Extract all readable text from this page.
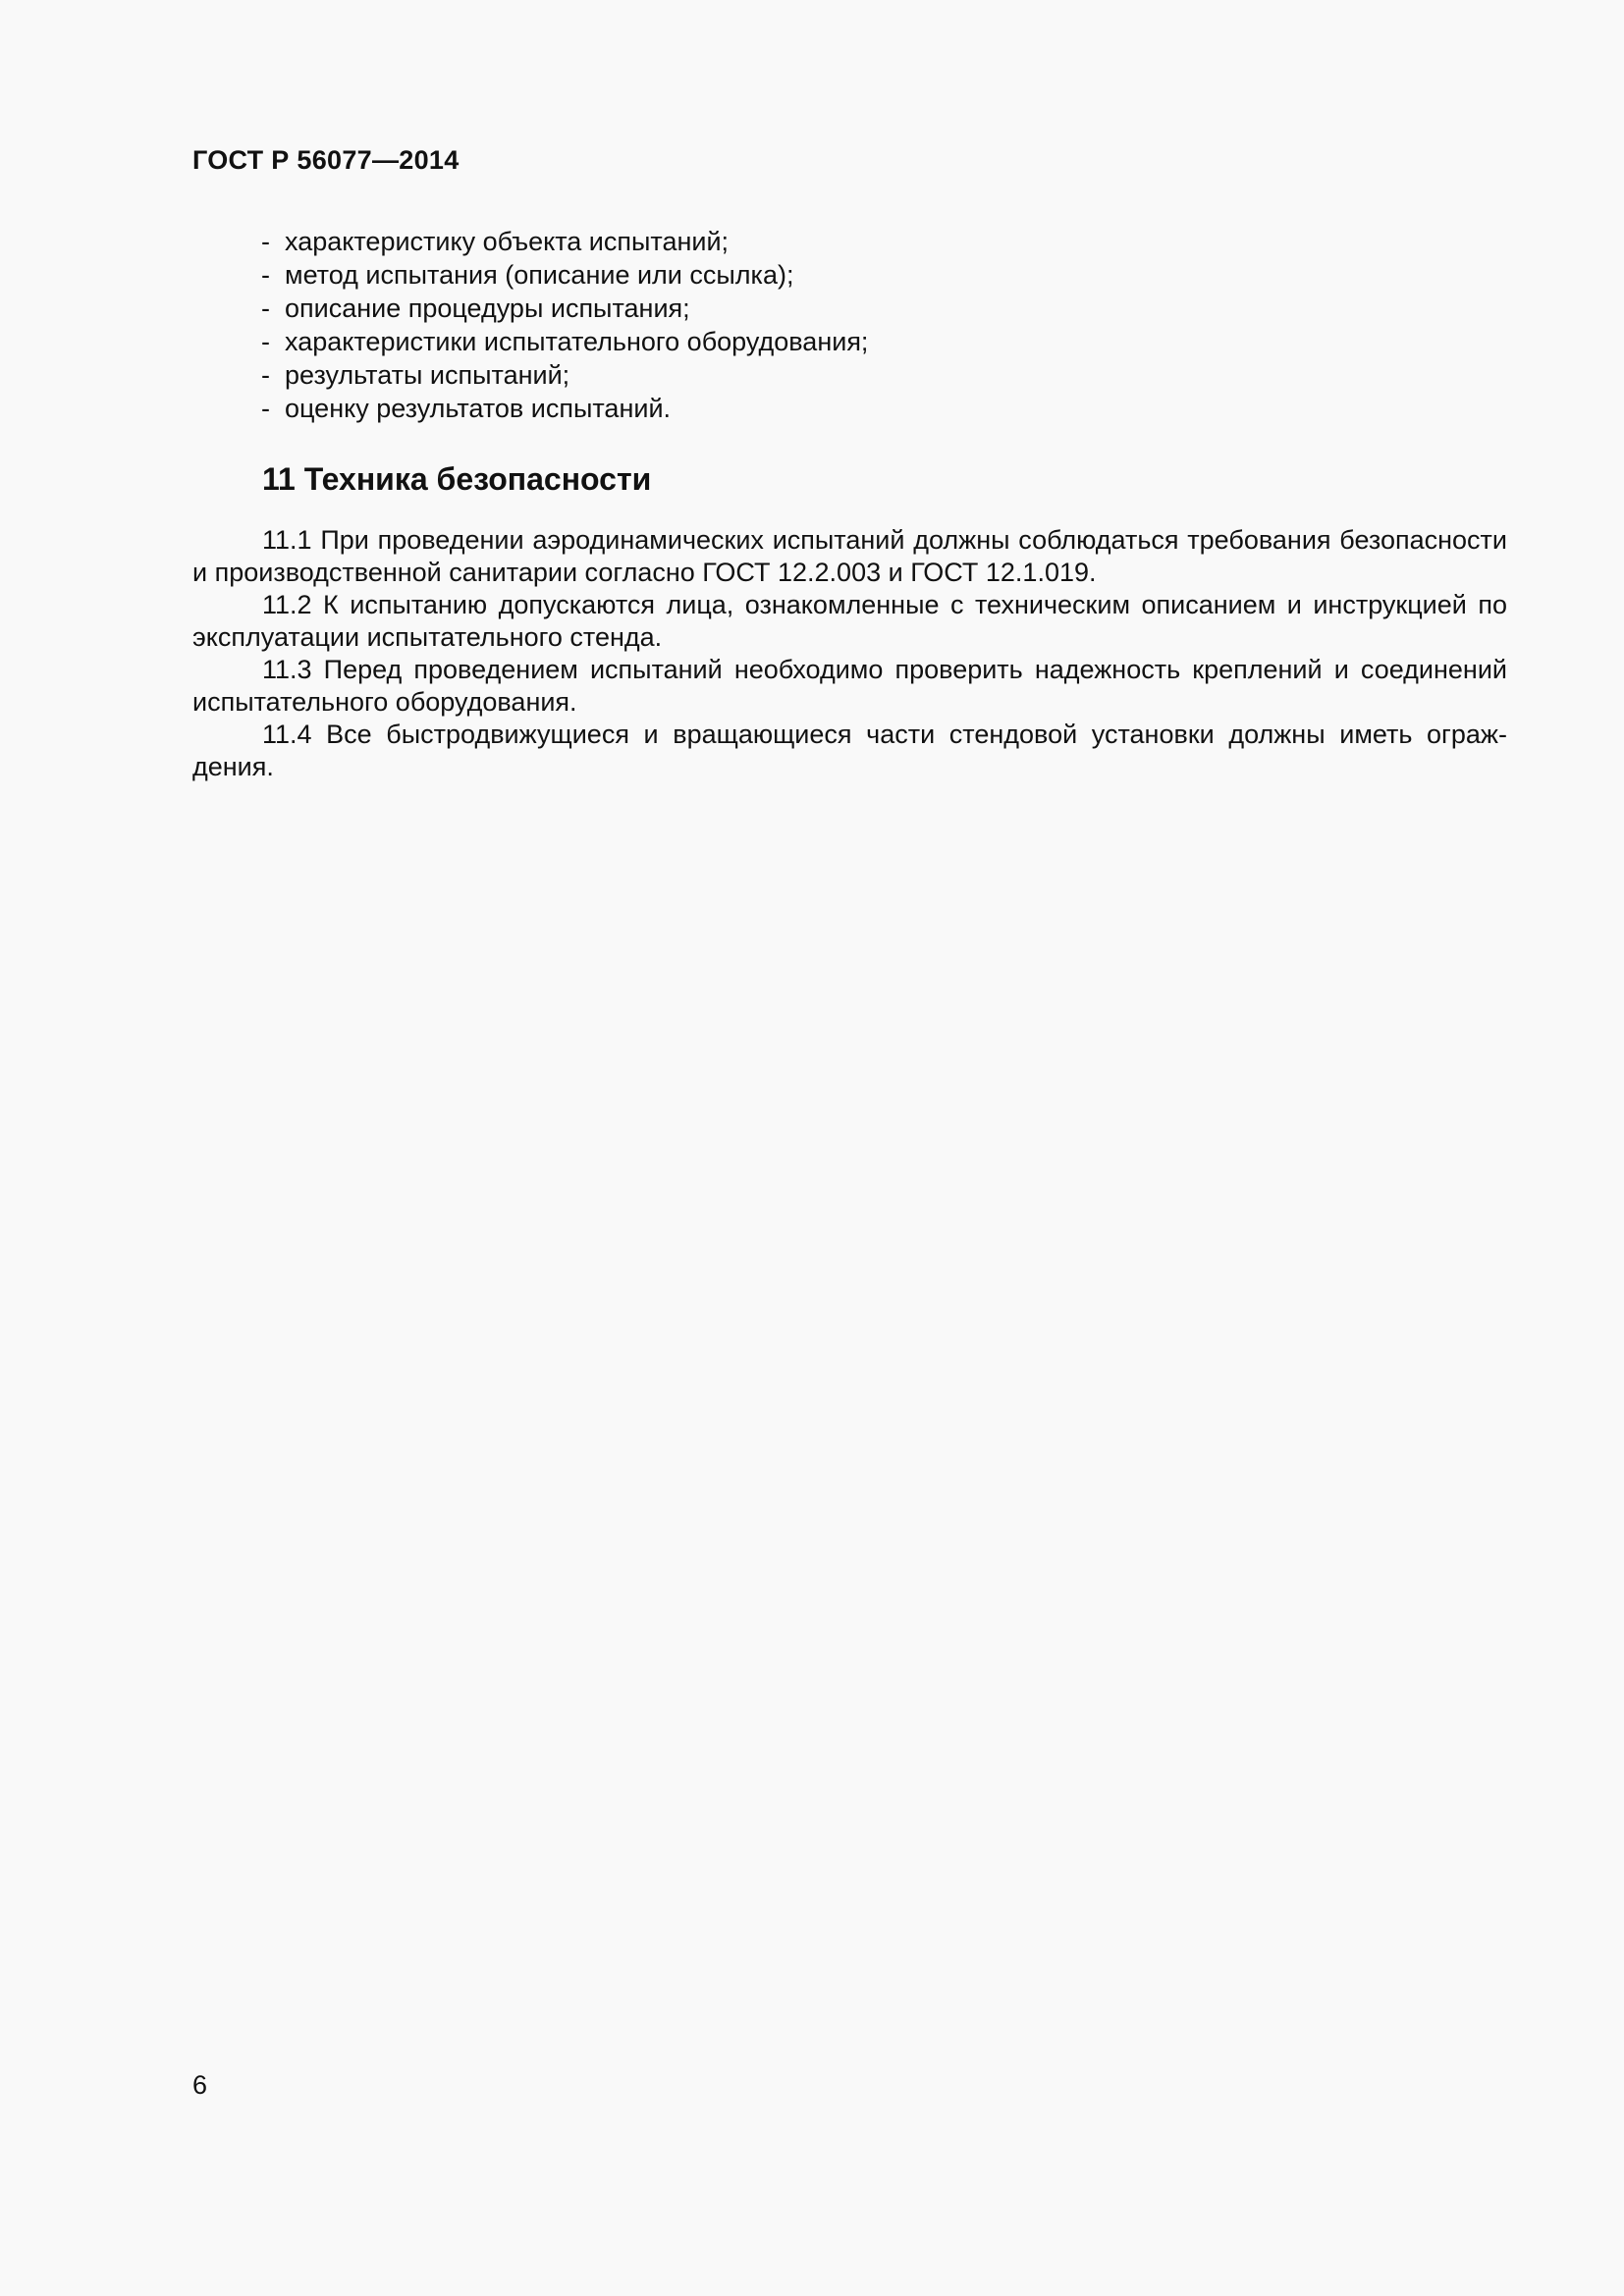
ГОСТ Р 56077—2014
- характеристику объекта испытаний;
- метод испытания (описание или ссылка);
- описание процедуры испытания;
- характеристики испытательного оборудования;
- результаты испытаний;
- оценку результатов испытаний.
11 Техника безопасности

11.1 При проведении аэродинамических испытаний должны соблюдаться требования безопасности и производственной санитарии согласно ГОСТ 12.2.003 и ГОСТ 12.1.019.

11.2 К испытанию допускаются лица, ознакомленные с техническим описанием и инструкцией по эксплуатации испытательного стенда.

11.3 Перед проведением испытаний необходимо проверить надежность креплений и соединений испытательного оборудования.

11.4 Все быстродвижущиеся и вращающиеся части стендовой установки должны иметь ограждения.

6
